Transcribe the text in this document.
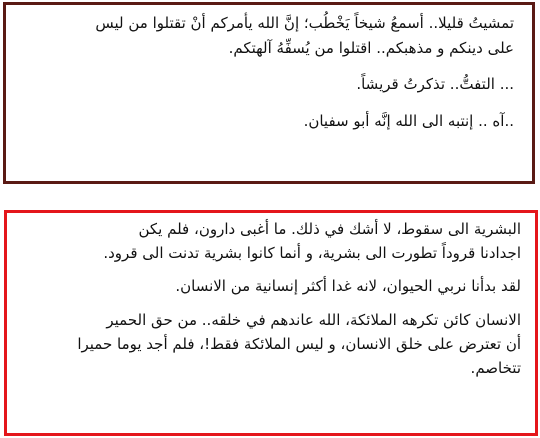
تمشيتُ قليلا.. أسمعُ شيخاً يَخْطُب؛ إنَّ الله يأمركم أنْ تقتلوا من ليس
على دينكم و مذهبكم.. اقتلوا من يُسفِّهُ آلهتكم.

... التفتُّ.. تذكرتُ قريشاً.

..آه .. إنتبه الى الله إنَّه أبو سفيان.

البشرية الى سقوط، لا أشك في ذلك. ما أغبى دارون، فلم يكن
اجدادنا قروداً تطورت الى بشرية، و أنما كانوا بشرية تدنت الى قرود.

لقد بدأنا نربي الحيوان، لانه غدا أكثر إنسانية من الانسان.

الانسان كائن تكرهه الملائكة، الله عاندهم في خلقه.. من حق الحمير
أن تعترض على خلق الانسان، و ليس الملائكة فقط!، فلم أجد يوما حميرا
تتخاصم.
